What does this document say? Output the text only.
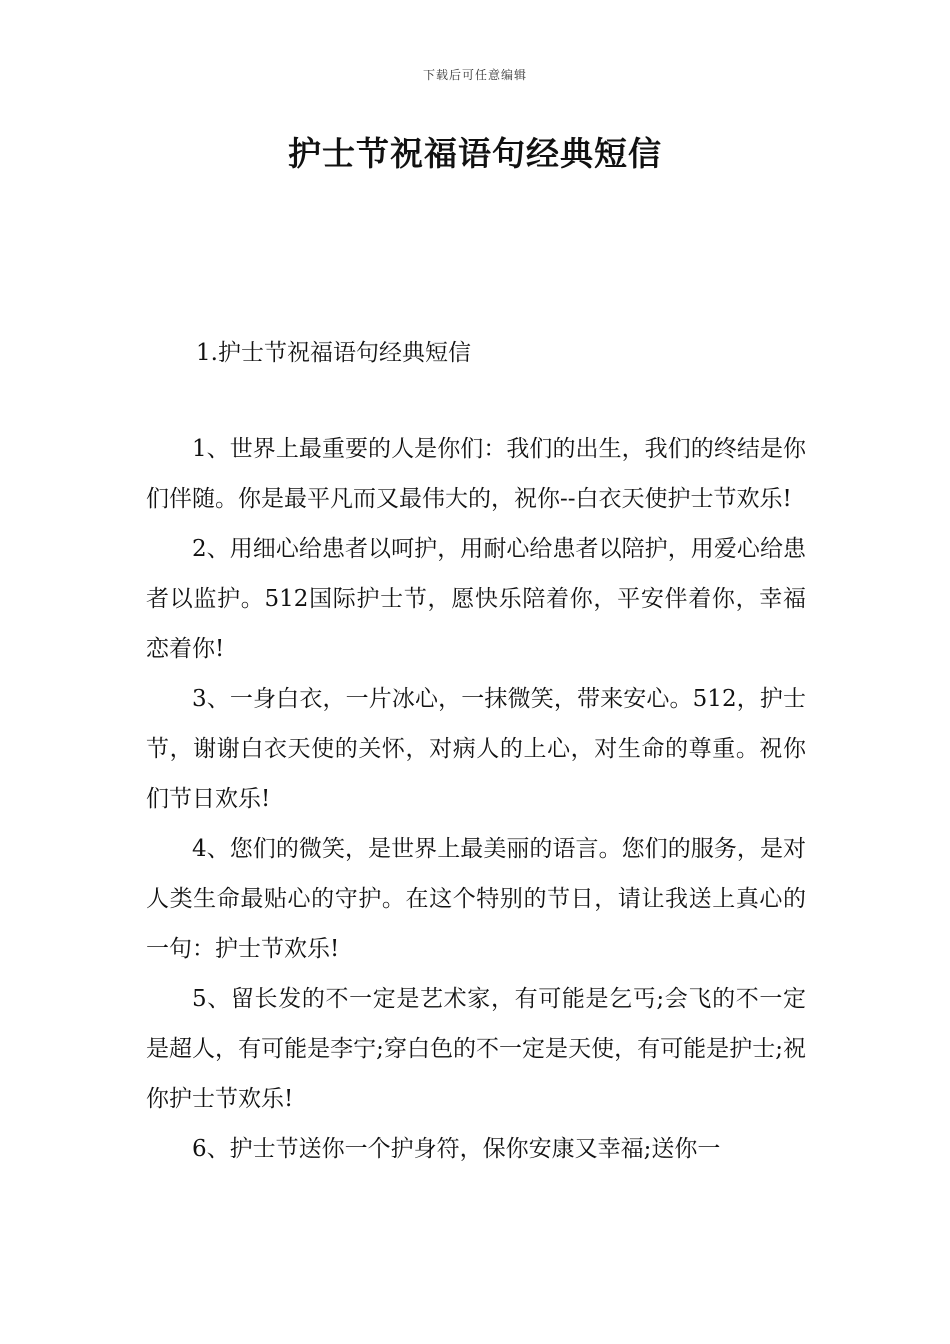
下载后可任意编辑
护士节祝福语句经典短信
1.护士节祝福语句经典短信

1、世界上最重要的人是你们：我们的出生，我们的终结是你们伴随。你是最平凡而又最伟大的，祝你--白衣天使护士节欢乐!

2、用细心给患者以呵护，用耐心给患者以陪护，用爱心给患者以监护。512国际护士节，愿快乐陪着你，平安伴着你，幸福恋着你!

3、一身白衣，一片冰心，一抹微笑，带来安心。512，护士节，谢谢白衣天使的关怀，对病人的上心，对生命的尊重。祝你们节日欢乐!

4、您们的微笑，是世界上最美丽的语言。您们的服务，是对人类生命最贴心的守护。在这个特别的节日，请让我送上真心的一句：护士节欢乐!

5、留长发的不一定是艺术家，有可能是乞丐;会飞的不一定是超人，有可能是李宁;穿白色的不一定是天使，有可能是护士;祝你护士节欢乐!

6、护士节送你一个护身符，保你安康又幸福;送你一
